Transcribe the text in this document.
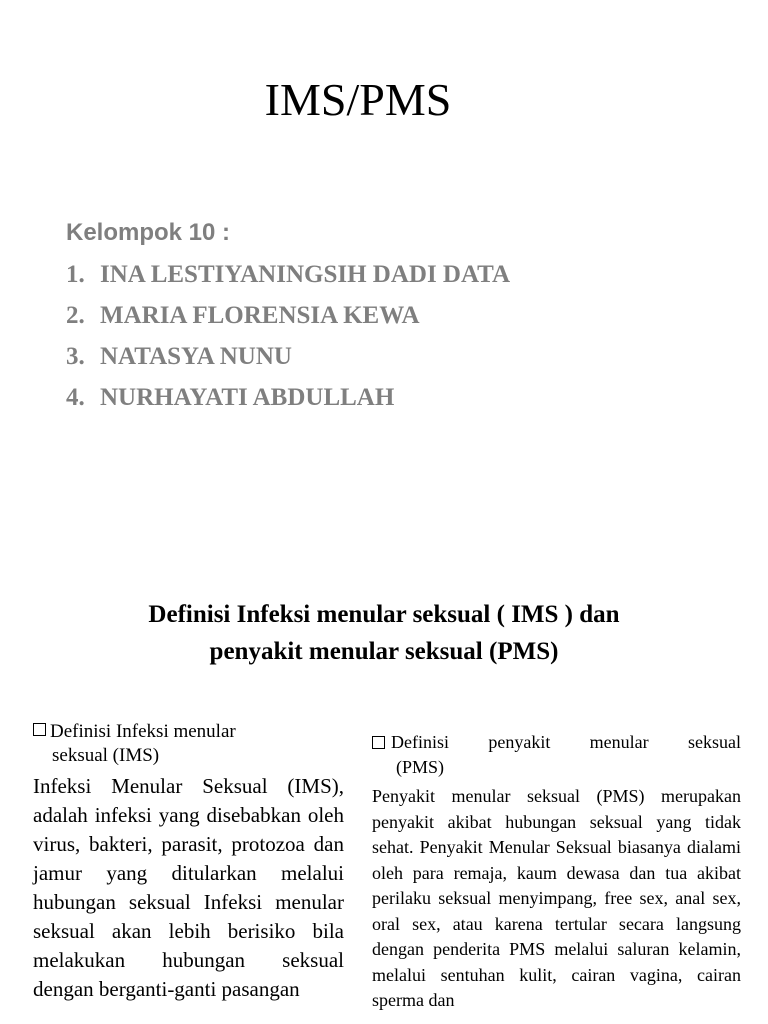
IMS/PMS
Kelompok 10 :
1. INA LESTIYANINGSIH DADI DATA
2. MARIA FLORENSIA KEWA
3. NATASYA NUNU
4. NURHAYATI ABDULLAH
Definisi Infeksi menular seksual ( IMS ) dan
penyakit menular seksual (PMS)
Definisi Infeksi menular
seksual (IMS)
Infeksi Menular Seksual (IMS), adalah infeksi yang disebabkan oleh virus, bakteri, parasit, protozoa dan jamur yang ditularkan melalui hubungan seksual Infeksi menular seksual akan lebih berisiko bila melakukan hubungan seksual dengan berganti-ganti pasangan
Definisi penyakit menular seksual
(PMS)
Penyakit menular seksual (PMS) merupakan penyakit akibat hubungan seksual yang tidak sehat. Penyakit Menular Seksual biasanya dialami oleh para remaja, kaum dewasa dan tua akibat perilaku seksual menyimpang, free sex, anal sex, oral sex, atau karena tertular secara langsung dengan penderita PMS melalui saluran kelamin, melalui sentuhan kulit, cairan vagina, cairan sperma dan
